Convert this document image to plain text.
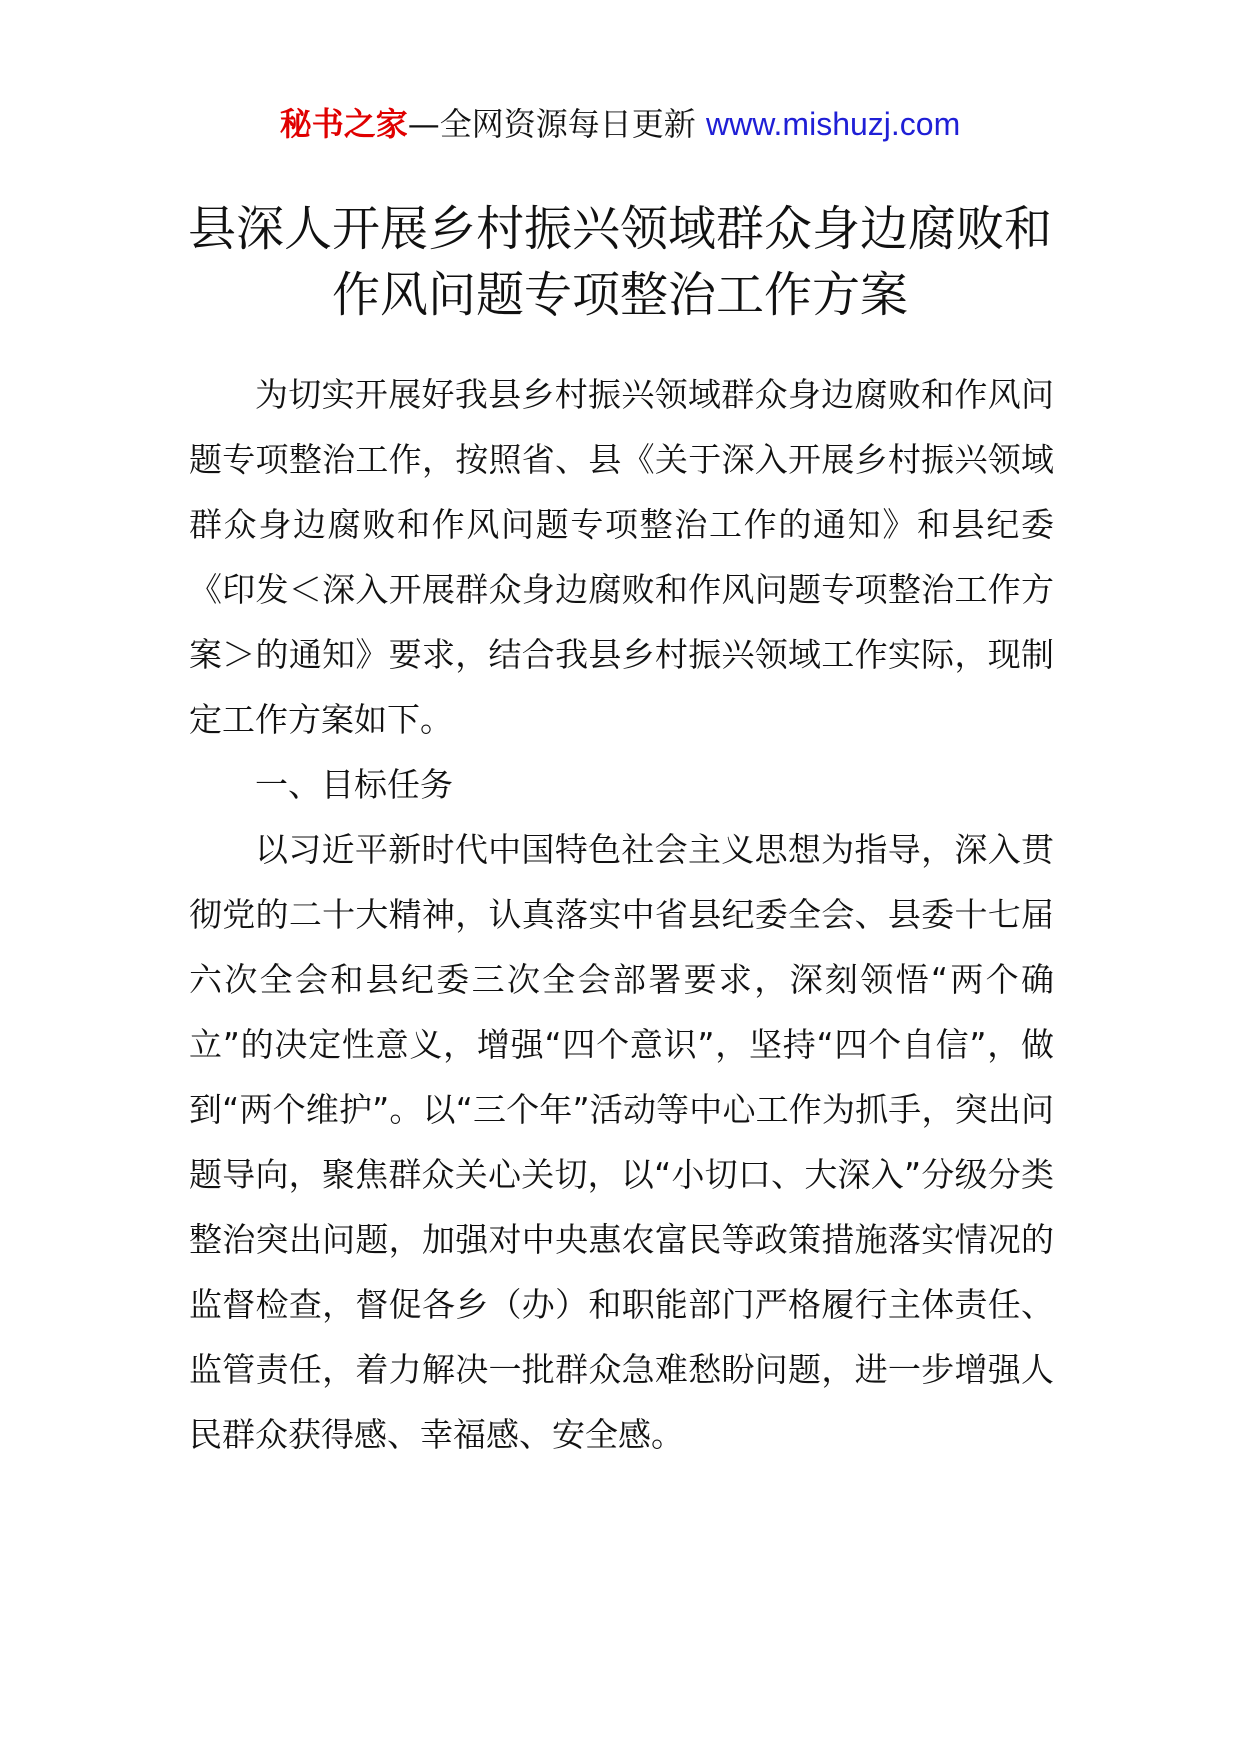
秘书之家—全网资源每日更新 www.mishuzj.com
县深人开展乡村振兴领域群众身边腐败和
作风问题专项整治工作方案

为切实开展好我县乡村振兴领域群众身边腐败和作风问题专项整治工作，按照省、县《关于深入开展乡村振兴领域群众身边腐败和作风问题专项整治工作的通知》和县纪委《印发＜深入开展群众身边腐败和作风问题专项整治工作方案＞的通知》要求，结合我县乡村振兴领域工作实际，现制定工作方案如下。

一、目标任务

以习近平新时代中国特色社会主义思想为指导，深入贯彻党的二十大精神，认真落实中省县纪委全会、县委十七届六次全会和县纪委三次全会部署要求，深刻领悟“两个确立”的决定性意义，增强“四个意识”，坚持“四个自信”，做到“两个维护”。以“三个年”活动等中心工作为抓手，突出问题导向，聚焦群众关心关切，以“小切口、大深入”分级分类整治突出问题，加强对中央惠农富民等政策措施落实情况的监督检查，督促各乡（办）和职能部门严格履行主体责任、监管责任，着力解决一批群众急难愁盼问题，进一步增强人民群众获得感、幸福感、安全感。
